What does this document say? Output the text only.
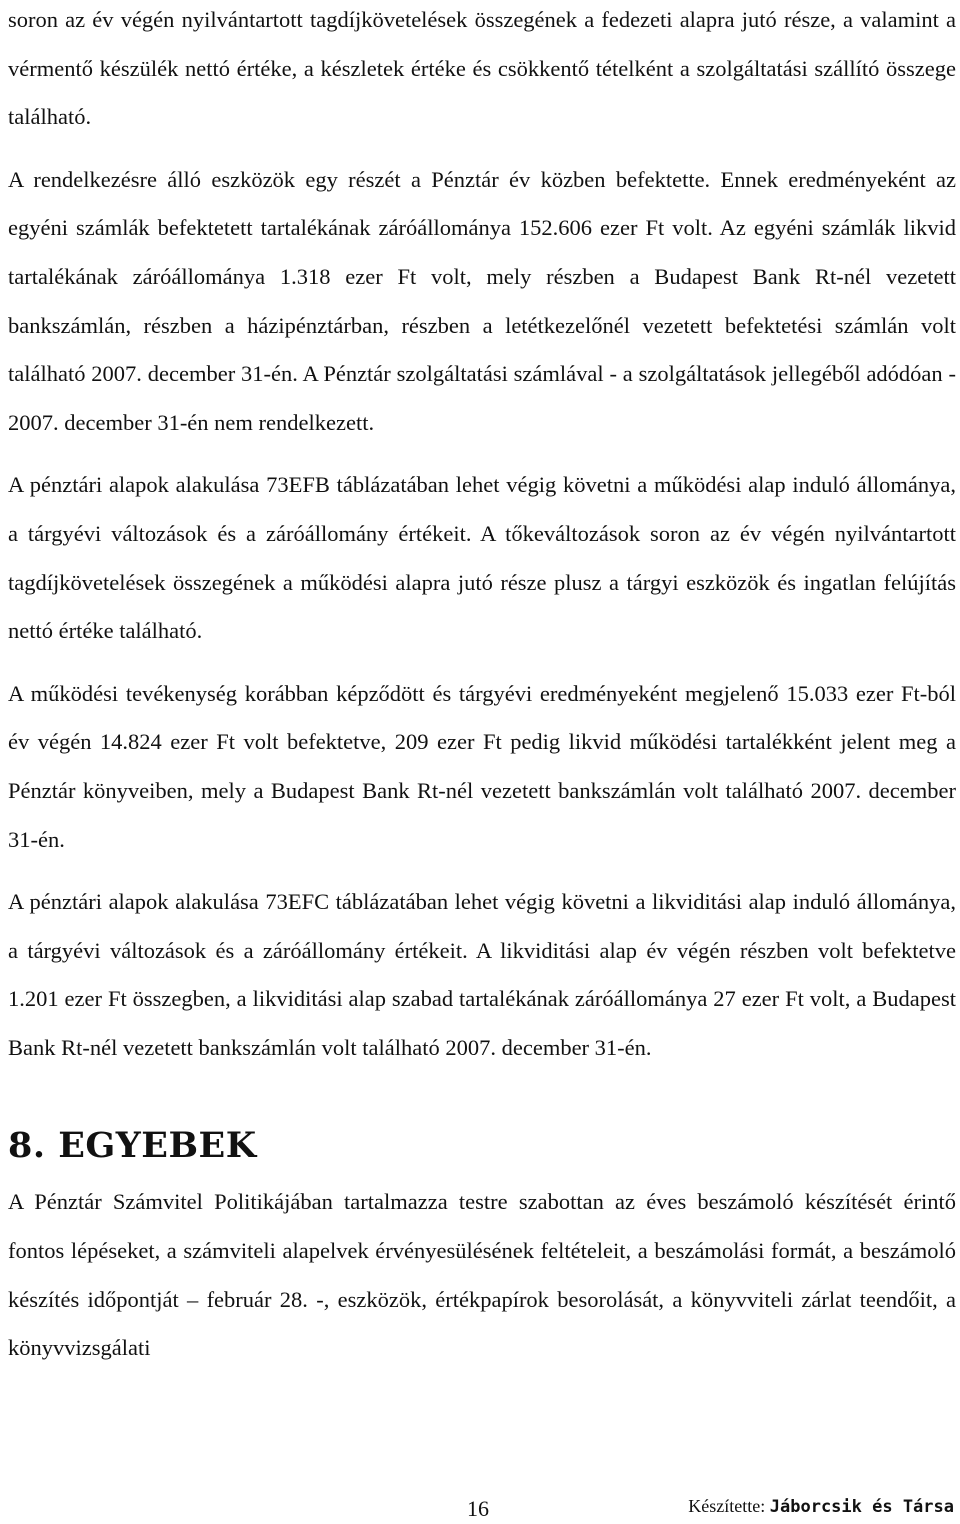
soron az év végén nyilvántartott tagdíjkövetelések összegének a fedezeti alapra jutó része, a valamint a vérmentő készülék nettó értéke, a készletek értéke és csökkentő tételként a szolgáltatási szállító összege található.

A rendelkezésre álló eszközök egy részét a Pénztár év közben befektette. Ennek eredményeként az egyéni számlák befektetett tartalékának záróállománya 152.606 ezer Ft volt. Az egyéni számlák likvid tartalékának záróállománya 1.318 ezer Ft volt, mely részben a Budapest Bank Rt-nél vezetett bankszámlán, részben a házipénztárban, részben a letétkezelőnél vezetett befektetési számlán volt található 2007. december 31-én. A Pénztár szolgáltatási számlával - a szolgáltatások jellegéből adódóan - 2007. december 31-én nem rendelkezett.

A pénztári alapok alakulása 73EFB táblázatában lehet végig követni a működési alap induló állománya, a tárgyévi változások és a záróállomány értékeit. A tőkeváltozások soron az év végén nyilvántartott tagdíjkövetelések összegének a működési alapra jutó része plusz a tárgyi eszközök és ingatlan felújítás nettó értéke található.

A működési tevékenység korábban képződött és tárgyévi eredményeként megjelenő 15.033 ezer Ft-ból év végén 14.824 ezer Ft volt befektetve, 209 ezer Ft pedig likvid működési tartalékként jelent meg a Pénztár könyveiben, mely a Budapest Bank Rt-nél vezetett bankszámlán volt található 2007. december 31-én.

A pénztári alapok alakulása 73EFC táblázatában lehet végig követni a likviditási alap induló állománya, a tárgyévi változások és a záróállomány értékeit. A likviditási alap év végén részben volt befektetve 1.201 ezer Ft összegben, a likviditási alap szabad tartalékának záróállománya 27 ezer Ft volt, a Budapest Bank Rt-nél vezetett bankszámlán volt található 2007. december 31-én.

8. EGYEBEK

A Pénztár Számvitel Politikájában tartalmazza testre szabottan az éves beszámoló készítését érintő fontos lépéseket, a számviteli alapelvek érvényesülésének feltételeit, a beszámolási formát, a beszámoló készítés időpontját – február 28. -, eszközök, értékpapírok besorolását, a könyvviteli zárlat teendőit, a könyvvizsgálati

16	Készítette: Jáborcsik és Társa
